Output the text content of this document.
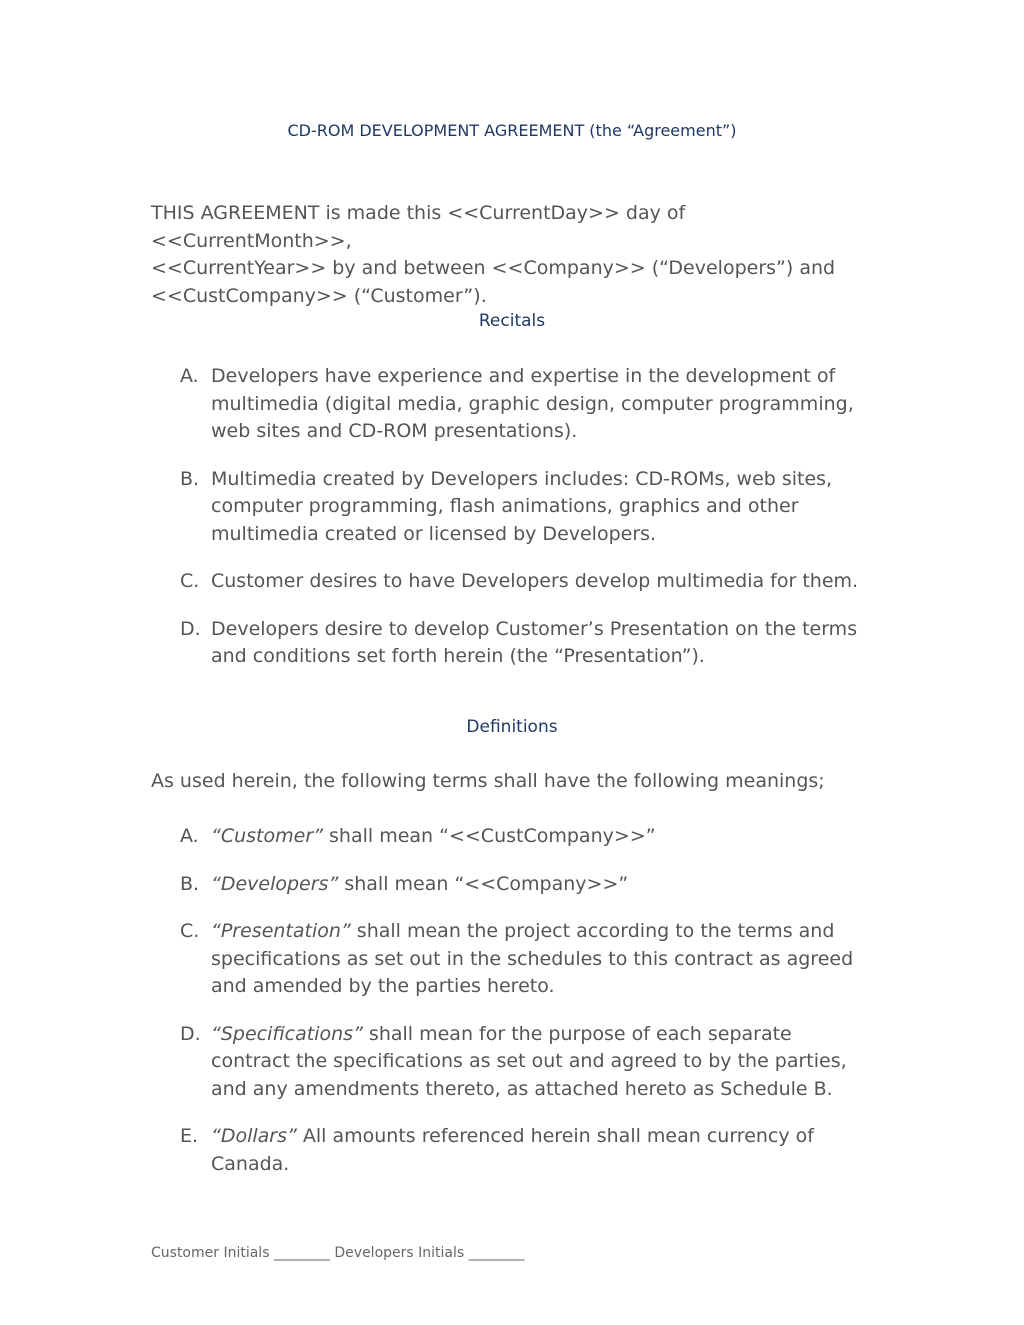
CD-ROM DEVELOPMENT AGREEMENT (the “Agreement”)

THIS AGREEMENT is made this <<CurrentDay>> day of <<CurrentMonth>>,
<<CurrentYear>> by and between <<Company>> (“Developers”) and
<<CustCompany>> (“Customer”).

Recitals
A. Developers have experience and expertise in the development of multimedia (digital media, graphic design, computer programming, web sites and CD-ROM presentations).
B. Multimedia created by Developers includes: CD-ROMs, web sites, computer programming, flash animations, graphics and other multimedia created or licensed by Developers.
C. Customer desires to have Developers develop multimedia for them.
D. Developers desire to develop Customer’s Presentation on the terms and conditions set forth herein (the “Presentation”).
Definitions

As used herein, the following terms shall have the following meanings;

A. “Customer” shall mean “<<CustCompany>>”
B. “Developers” shall mean “<<Company>>”
C. “Presentation” shall mean the project according to the terms and specifications as set out in the schedules to this contract as agreed and amended by the parties hereto.
D. “Specifications” shall mean for the purpose of each separate contract the specifications as set out and agreed to by the parties, and any amendments thereto, as attached hereto as Schedule B.
E. “Dollars” All amounts referenced herein shall mean currency of Canada.
Customer Initials ________ Developers Initials ________
